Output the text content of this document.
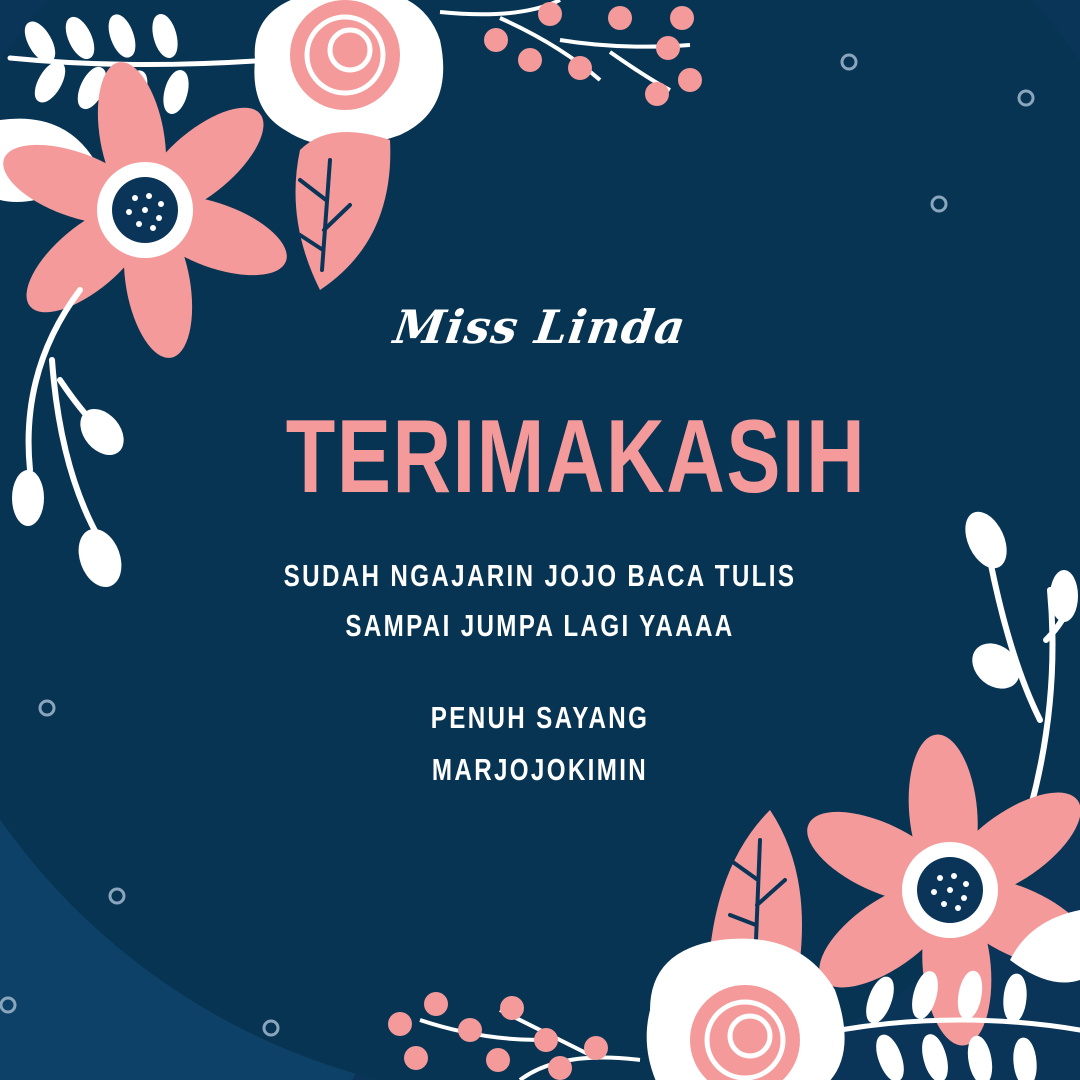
Miss Linda
TERIMAKASIH
SUDAH NGAJARIN JOJO BACA TULIS
SAMPAI JUMPA LAGI YAAAA
PENUH SAYANG
MARJOJOKIMIN
